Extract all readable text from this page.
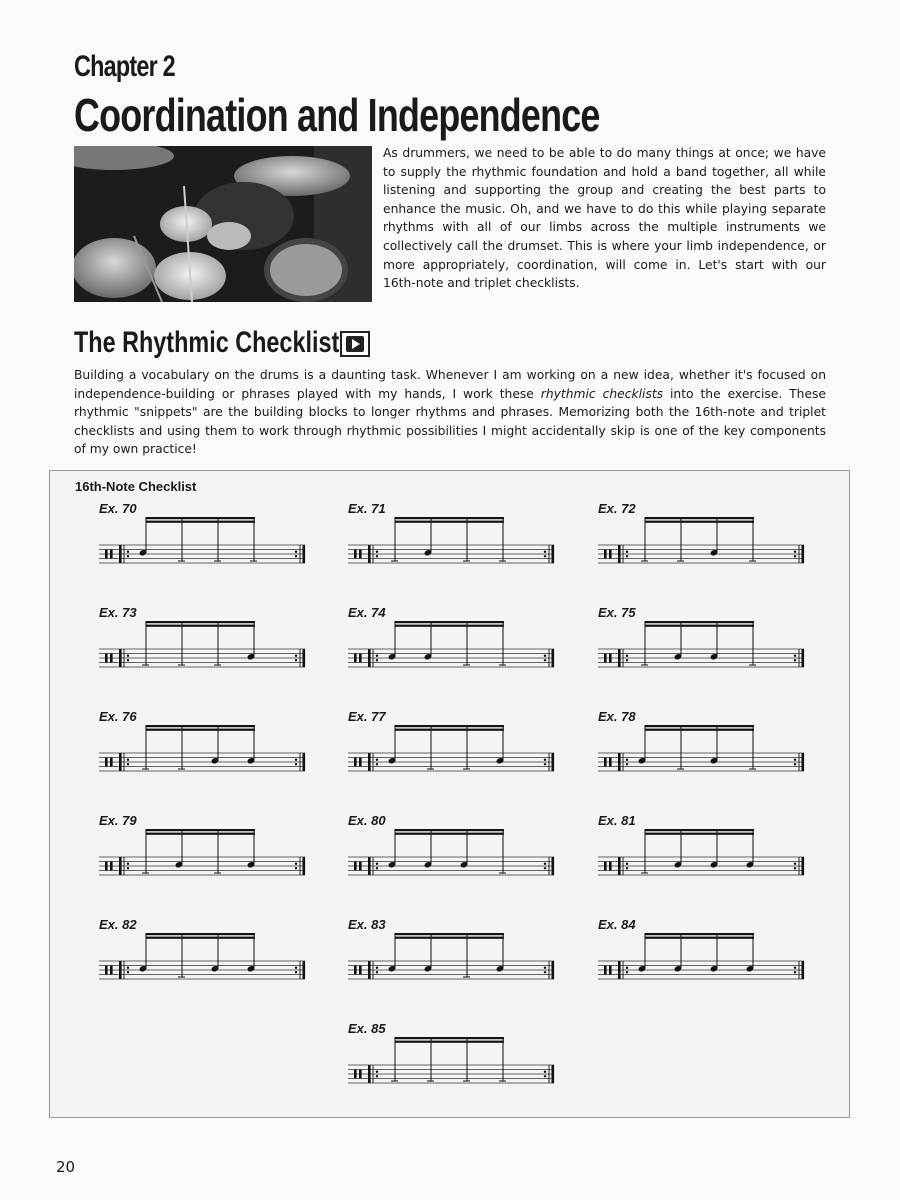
Chapter 2
Coordination and Independence
As drummers, we need to be able to do many things at once; we have to supply the rhythmic foundation and hold a band together, all while listening and supporting the group and creating the best parts to enhance the music. Oh, and we have to do this while playing separate rhythms with all of our limbs across the multiple instruments we collectively call the drumset. This is where your limb independence, or more appropriately, coordination, will come in. Let's start with our 16th-note and triplet checklists.
The Rhythmic Checklist
Building a vocabulary on the drums is a daunting task. Whenever I am working on a new idea, whether it's focused on independence-building or phrases played with my hands, I work these rhythmic checklists into the exercise. These rhythmic "snippets" are the building blocks to longer rhythms and phrases. Memorizing both the 16th-note and triplet checklists and using them to work through rhythmic possibilities I might accidentally skip is one of the key components of my own practice!
16th-Note Checklist
Ex. 70	Ex. 71	Ex. 72
Ex. 73	Ex. 74	Ex. 75
Ex. 76	Ex. 77	Ex. 78
Ex. 79	Ex. 80	Ex. 81
Ex. 82	Ex. 83	Ex. 84
Ex. 85
20
